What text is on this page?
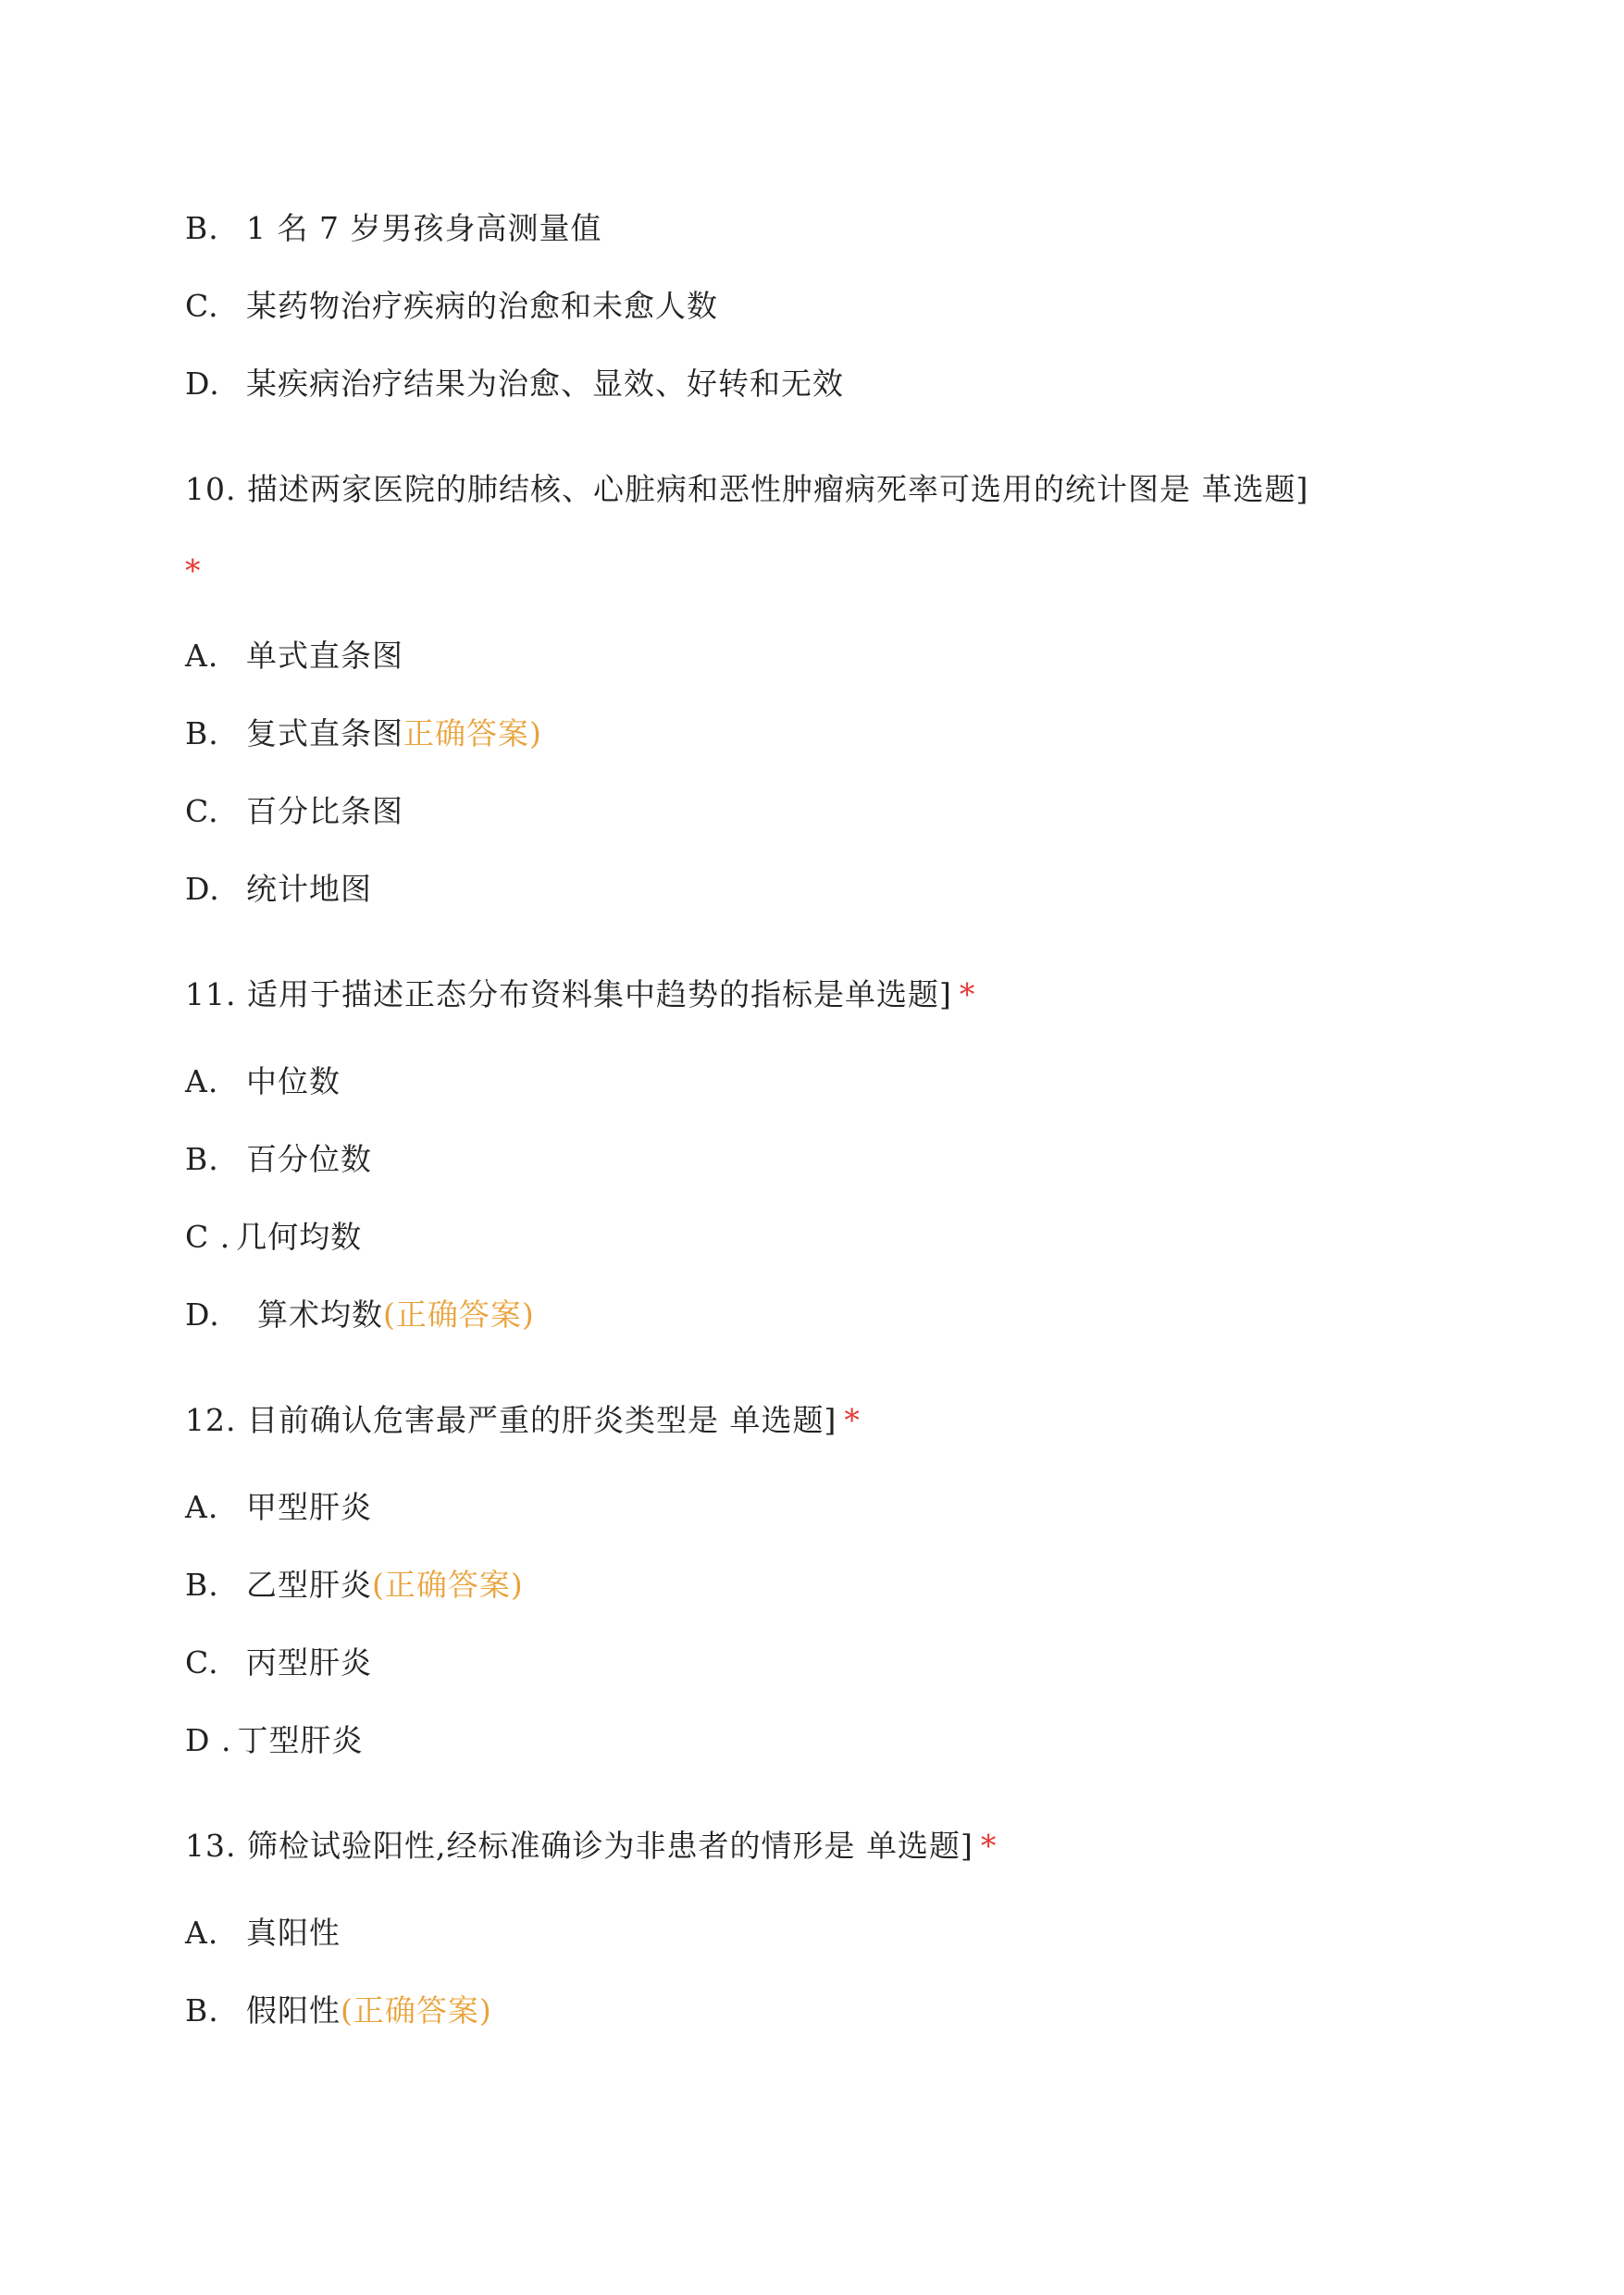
B. 1 名 7 岁男孩身高测量值
C. 某药物治疗疾病的治愈和未愈人数
D. 某疾病治疗结果为治愈、显效、好转和无效
10. 描述两家医院的肺结核、心脏病和恶性肿瘤病死率可选用的统计图是 革选题]
*
A. 单式直条图
B. 复式直条图正确答案)
C. 百分比条图
D. 统计地图
11. 适用于描述正态分布资料集中趋势的指标是单选题] *
A. 中位数
B. 百分位数
C . 几何均数
D. 算术均数(正确答案)
12. 目前确认危害最严重的肝炎类型是 单选题] *
A. 甲型肝炎
B. 乙型肝炎(正确答案)
C. 丙型肝炎
D . 丁型肝炎
13. 筛检试验阳性,经标准确诊为非患者的情形是 单选题] *
A. 真阳性
B. 假阳性(正确答案)
